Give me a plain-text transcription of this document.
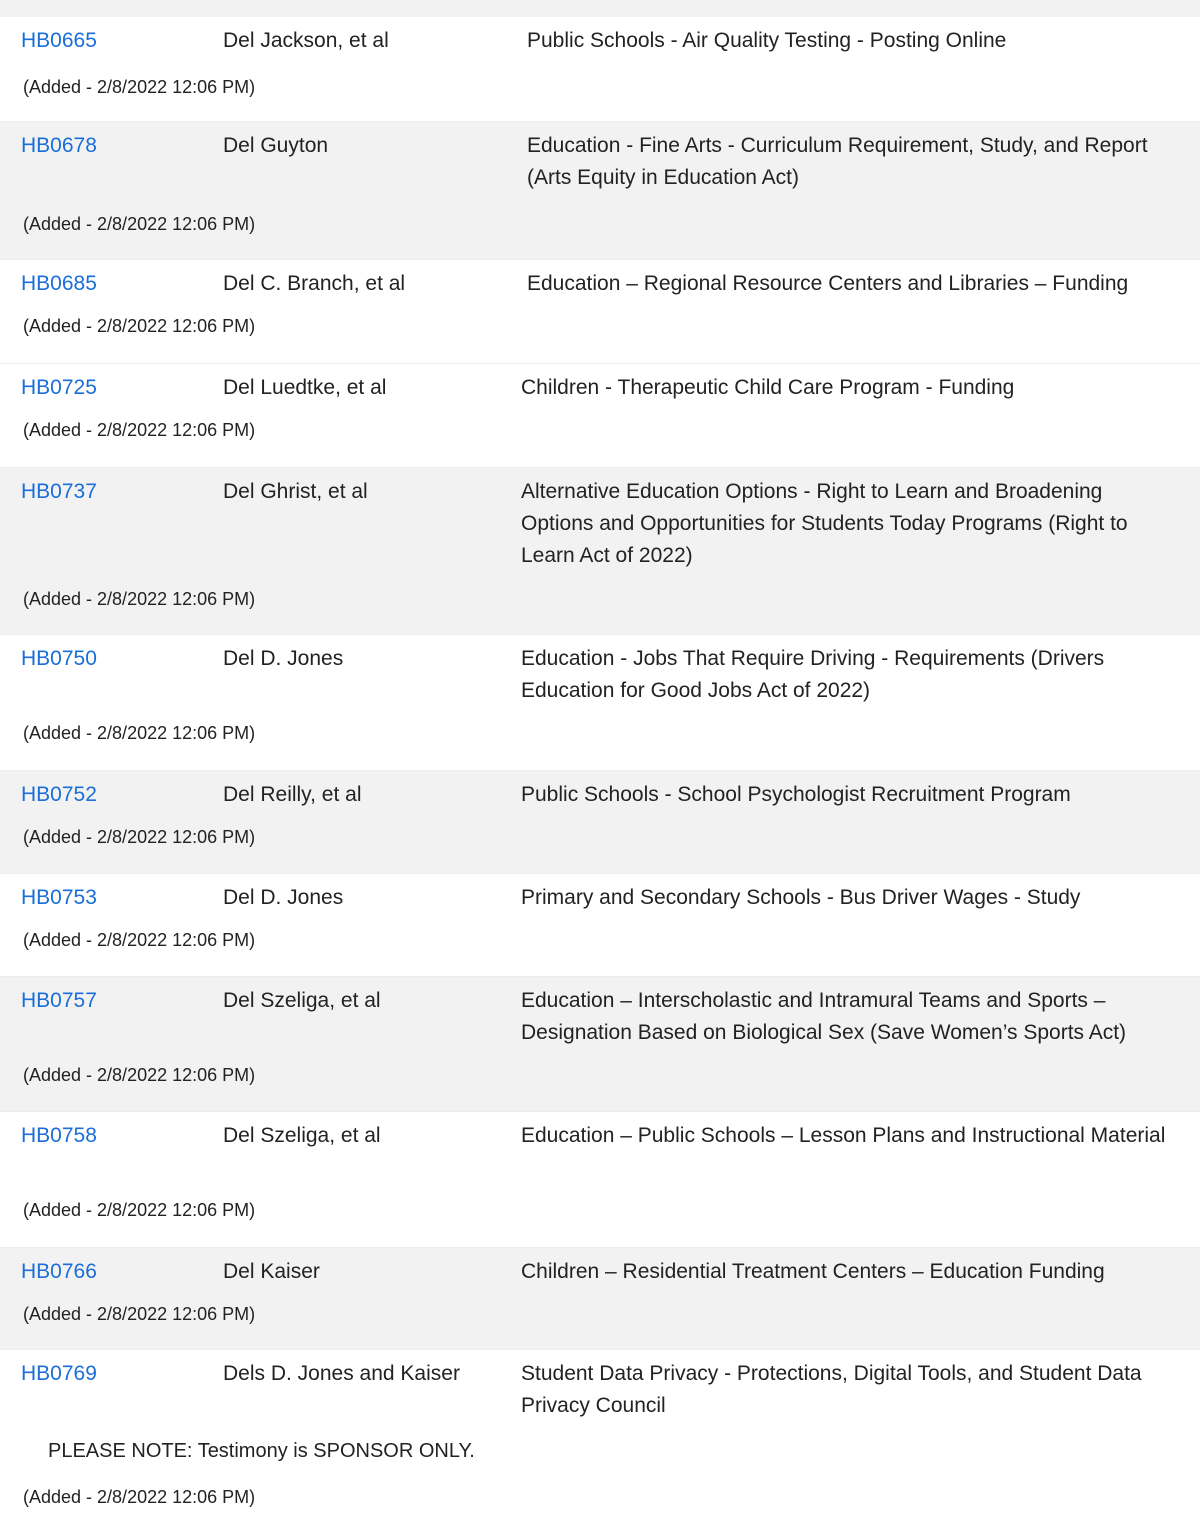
HB0665	Del Jackson, et al	Public Schools - Air Quality Testing - Posting Online
(Added - 2/8/2022 12:06 PM)
HB0678	Del Guyton	Education - Fine Arts - Curriculum Requirement, Study, and Report (Arts Equity in Education Act)
(Added - 2/8/2022 12:06 PM)
HB0685	Del C. Branch, et al	Education – Regional Resource Centers and Libraries – Funding
(Added - 2/8/2022 12:06 PM)
HB0725	Del Luedtke, et al	Children - Therapeutic Child Care Program - Funding
(Added - 2/8/2022 12:06 PM)
HB0737	Del Ghrist, et al	Alternative Education Options - Right to Learn and Broadening Options and Opportunities for Students Today Programs (Right to Learn Act of 2022)
(Added - 2/8/2022 12:06 PM)
HB0750	Del D. Jones	Education - Jobs That Require Driving - Requirements (Drivers Education for Good Jobs Act of 2022)
(Added - 2/8/2022 12:06 PM)
HB0752	Del Reilly, et al	Public Schools - School Psychologist Recruitment Program
(Added - 2/8/2022 12:06 PM)
HB0753	Del D. Jones	Primary and Secondary Schools - Bus Driver Wages - Study
(Added - 2/8/2022 12:06 PM)
HB0757	Del Szeliga, et al	Education – Interscholastic and Intramural Teams and Sports – Designation Based on Biological Sex (Save Women’s Sports Act)
(Added - 2/8/2022 12:06 PM)
HB0758	Del Szeliga, et al	Education – Public Schools – Lesson Plans and Instructional Material
(Added - 2/8/2022 12:06 PM)
HB0766	Del Kaiser	Children – Residential Treatment Centers – Education Funding
(Added - 2/8/2022 12:06 PM)
HB0769	Dels D. Jones and Kaiser	Student Data Privacy - Protections, Digital Tools, and Student Data Privacy Council
PLEASE NOTE: Testimony is SPONSOR ONLY.
(Added - 2/8/2022 12:06 PM)
